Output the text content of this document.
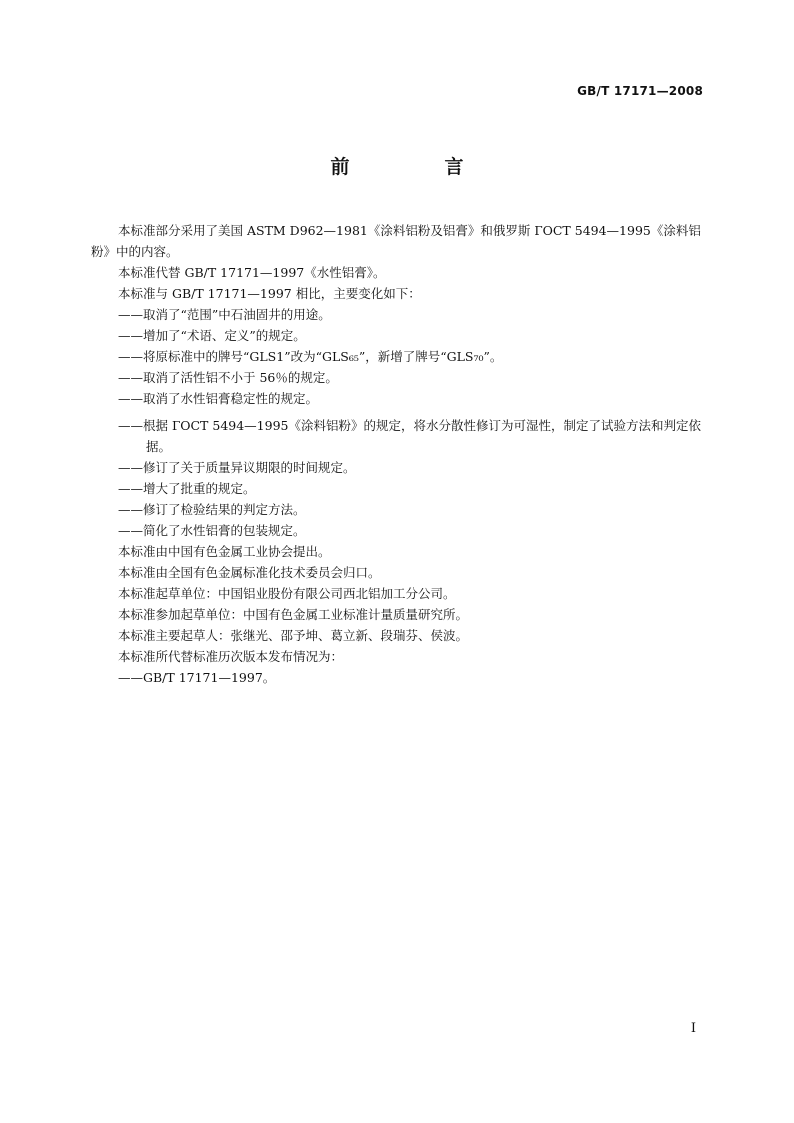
GB/T 17171—2008
前　言

本标准部分采用了美国 ASTM D962—1981《涂料铝粉及铝膏》和俄罗斯 ГОСТ 5494—1995《涂料铝粉》中的内容。

本标准代替 GB/T 17171—1997《水性铝膏》。

本标准与 GB/T 17171—1997 相比，主要变化如下：

——取消了“范围”中石油固井的用途。

——增加了“术语、定义”的规定。

——将原标准中的牌号“GLS1”改为“GLS₆₅”，新增了牌号“GLS₇₀”。

——取消了活性铝不小于 56％的规定。

——取消了水性铝膏稳定性的规定。

——根据 ГОСТ 5494—1995《涂料铝粉》的规定，将水分散性修订为可湿性，制定了试验方法和判定依据。

——修订了关于质量异议期限的时间规定。

——增大了批重的规定。

——修订了检验结果的判定方法。

——简化了水性铝膏的包装规定。

本标准由中国有色金属工业协会提出。

本标准由全国有色金属标准化技术委员会归口。

本标准起草单位：中国铝业股份有限公司西北铝加工分公司。

本标准参加起草单位：中国有色金属工业标准计量质量研究所。

本标准主要起草人：张继光、邵予坤、葛立新、段瑞芬、侯波。

本标准所代替标准历次版本发布情况为：

——GB/T 17171—1997。

I
